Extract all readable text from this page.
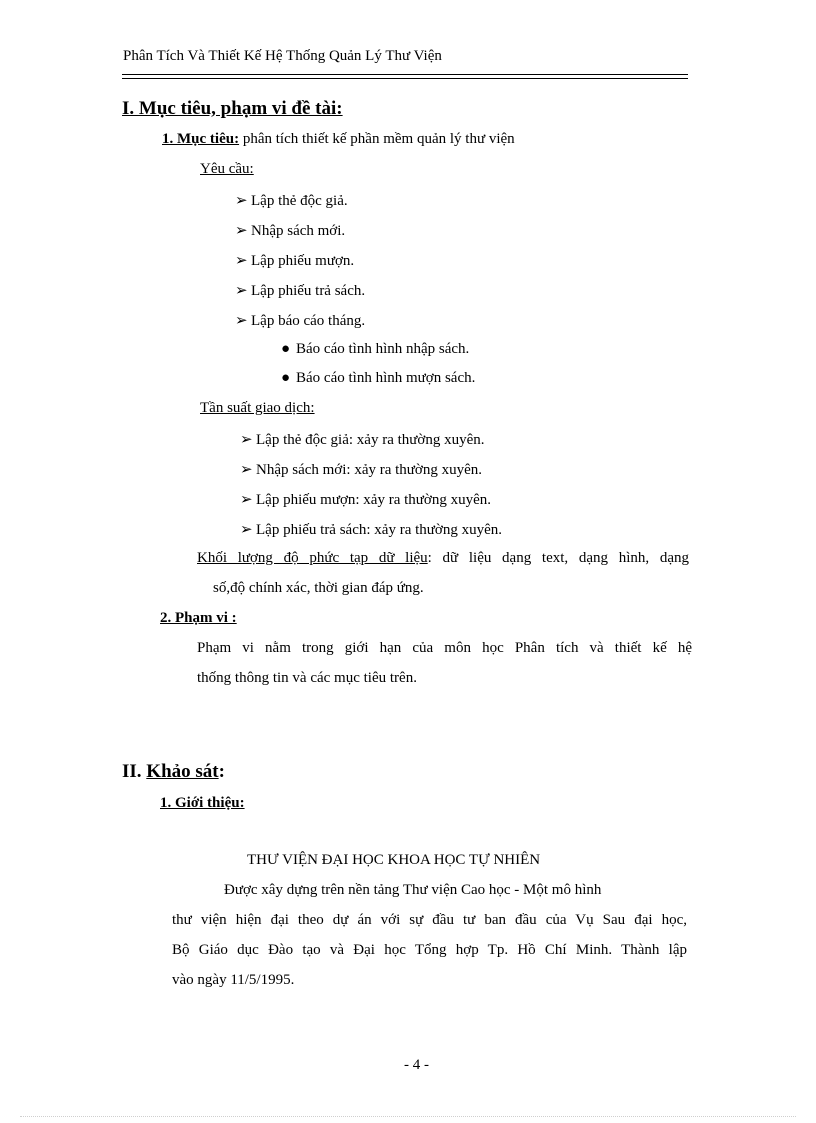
Phân Tích Và Thiết Kế Hệ Thống Quản Lý Thư Viện
I. Mục tiêu, phạm vi đề tài:
1. Mục tiêu: phân tích thiết kế phần mềm quản lý thư viện
Yêu cầu:
➢ Lập thẻ độc giả.
➢ Nhập sách mới.
➢ Lập phiếu mượn.
➢ Lập phiếu trả sách.
➢ Lập báo cáo tháng.
● Báo cáo tình hình nhập sách.
● Báo cáo tình hình mượn sách.
Tần suất giao dịch:
➢ Lập thẻ độc giả: xảy ra thường xuyên.
➢ Nhập sách mới: xảy ra thường xuyên.
➢ Lập phiếu mượn: xảy ra thường xuyên.
➢ Lập phiếu trả sách: xảy ra thường xuyên.
Khối lượng độ phức tạp dữ liệu: dữ liệu dạng text, dạng hình, dạng
số,độ chính xác, thời gian đáp ứng.
2. Phạm vi :
Phạm vi nằm trong giới hạn của môn học Phân tích và thiết kế hệ
thống thông tin và các mục tiêu trên.
II. Khảo sát:
1. Giới thiệu:
THƯ VIỆN ĐẠI HỌC KHOA HỌC TỰ NHIÊN
Được xây dựng trên nền tảng Thư viện Cao học - Một mô hình
thư viện hiện đại theo dự án với sự đầu tư ban đầu của Vụ Sau đại học,
Bộ Giáo dục Đào tạo và Đại học Tổng hợp Tp. Hồ Chí Minh. Thành lập
vào ngày 11/5/1995.
- 4 -
